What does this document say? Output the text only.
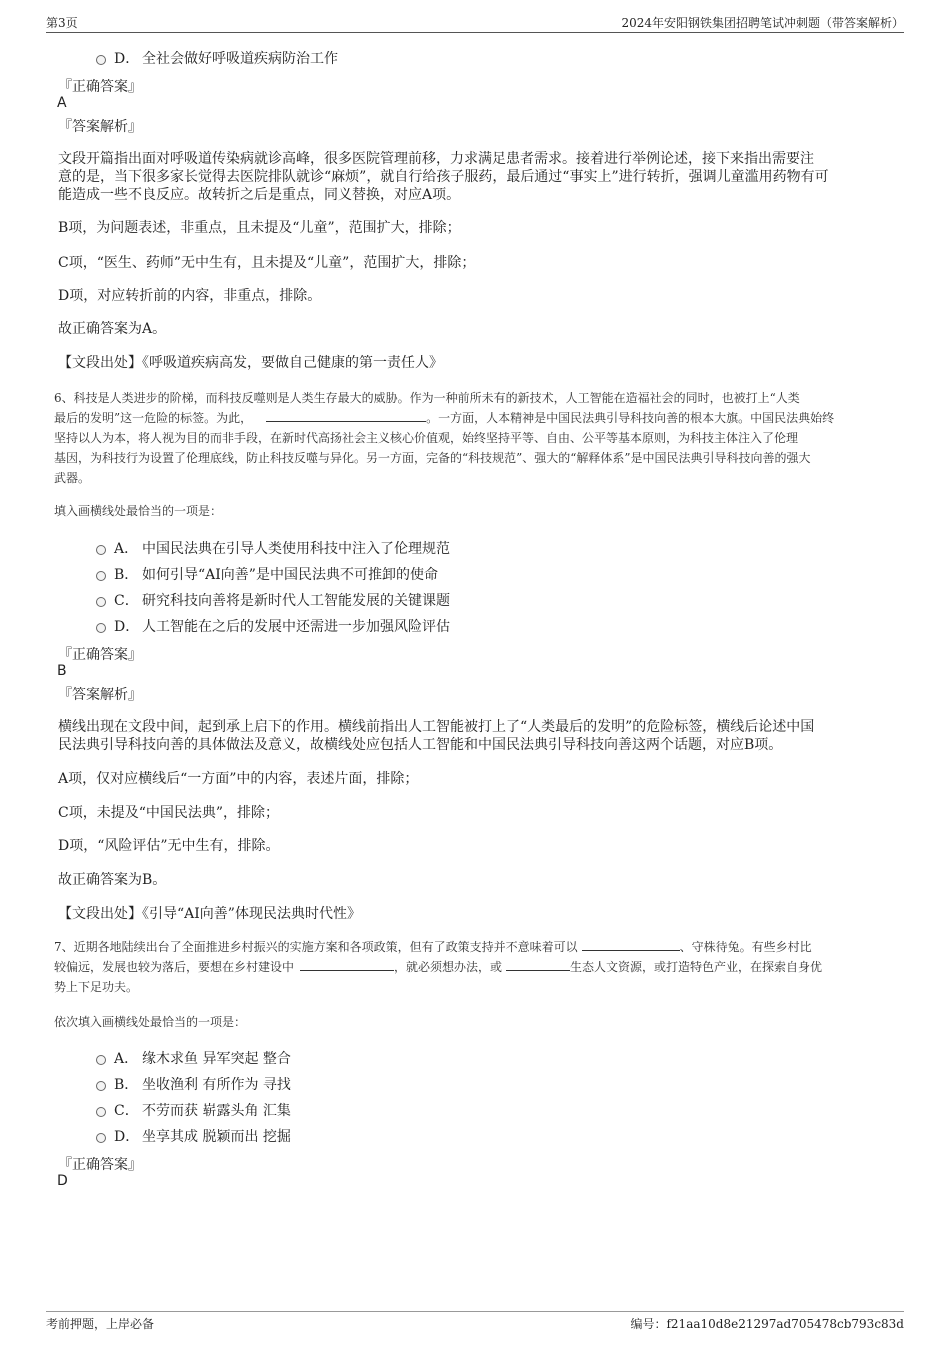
第3页	2024年安阳钢铁集团招聘笔试冲刺题（带答案解析）
D． 全社会做好呼吸道疾病防治工作
『正确答案』
A
『答案解析』
文段开篇指出面对呼吸道传染病就诊高峰，很多医院管理前移，力求满足患者需求。接着进行举例论述，接下来指出需要注
意的是，当下很多家长觉得去医院排队就诊“麻烦”，就自行给孩子服药，最后通过“事实上”进行转折，强调儿童滥用药物有可
能造成一些不良反应。故转折之后是重点，同义替换，对应A项。
B项，为问题表述，非重点，且未提及“儿童”，范围扩大，排除；
C项，“医生、药师”无中生有，且未提及“儿童”，范围扩大，排除；
D项，对应转折前的内容，非重点，排除。
故正确答案为A。
【文段出处】《呼吸道疾病高发，要做自己健康的第一责任人》
6、科技是人类进步的阶梯，而科技反噬则是人类生存最大的威胁。作为一种前所未有的新技术，人工智能在造福社会的同时，也被打上“人类
最后的发明”这一危险的标签。为此，	。一方面，人本精神是中国民法典引导科技向善的根本大旗。中国民法典始终
坚持以人为本，将人视为目的而非手段，在新时代高扬社会主义核心价值观，始终坚持平等、自由、公平等基本原则，为科技主体注入了伦理
基因，为科技行为设置了伦理底线，防止科技反噬与异化。另一方面，完备的“科技规范”、强大的“解释体系”是中国民法典引导科技向善的强大
武器。
填入画横线处最恰当的一项是：
A． 中国民法典在引导人类使用科技中注入了伦理规范
B． 如何引导“AI向善”是中国民法典不可推卸的使命
C． 研究科技向善将是新时代人工智能发展的关键课题
D． 人工智能在之后的发展中还需进一步加强风险评估
『正确答案』
B
『答案解析』
横线出现在文段中间，起到承上启下的作用。横线前指出人工智能被打上了“人类最后的发明”的危险标签，横线后论述中国
民法典引导科技向善的具体做法及意义，故横线处应包括人工智能和中国民法典引导科技向善这两个话题，对应B项。
A项，仅对应横线后“一方面”中的内容，表述片面，排除；
C项，未提及“中国民法典”，排除；
D项，“风险评估”无中生有，排除。
故正确答案为B。
【文段出处】《引导“AI向善”体现民法典时代性》
7、近期各地陆续出台了全面推进乡村振兴的实施方案和各项政策，但有了政策支持并不意味着可以	、守株待兔。有些乡村比
较偏远，发展也较为落后，要想在乡村建设中	，就必须想办法，或	生态人文资源，或打造特色产业，在探索自身优
势上下足功夫。
依次填入画横线处最恰当的一项是：
A． 缘木求鱼 异军突起 整合
B． 坐收渔利 有所作为 寻找
C． 不劳而获 崭露头角 汇集
D． 坐享其成 脱颖而出 挖掘
『正确答案』
D
考前押题，上岸必备	编号：f21aa10d8e21297ad705478cb793c83d
